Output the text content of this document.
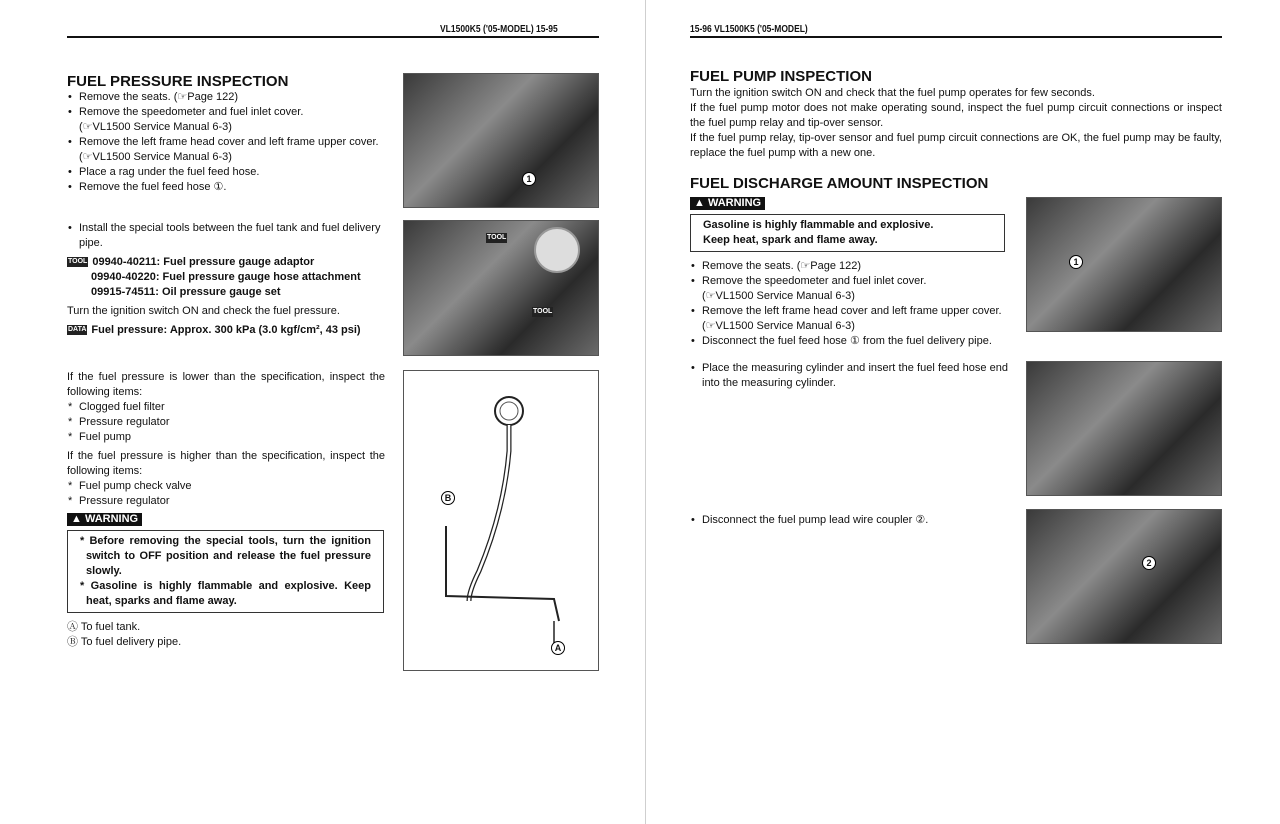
VL1500K5 ('05-MODEL) 15-95
FUEL PRESSURE INSPECTION
• Remove the seats. (☞Page 122)
• Remove the speedometer and fuel inlet cover.
(☞VL1500 Service Manual 6-3)
• Remove the left frame head cover and left frame upper cover.
(☞VL1500 Service Manual 6-3)
• Place a rag under the fuel feed hose.
• Remove the fuel feed hose ①.
• Install the special tools between the fuel tank and fuel delivery pipe.
TOOL 09940-40211: Fuel pressure gauge adaptor
09940-40220: Fuel pressure gauge hose attachment
09915-74511: Oil pressure gauge set
Turn the ignition switch ON and check the fuel pressure.
DATA Fuel pressure: Approx. 300 kPa (3.0 kgf/cm², 43 psi)
If the fuel pressure is lower than the specification, inspect the following items:
* Clogged fuel filter
* Pressure regulator
* Fuel pump
If the fuel pressure is higher than the specification, inspect the following items:
* Fuel pump check valve
* Pressure regulator
▲ WARNING
* Before removing the special tools, turn the ignition switch to OFF position and release the fuel pressure slowly.
* Gasoline is highly flammable and explosive. Keep heat, sparks and flame away.
Ⓐ To fuel tank.
Ⓑ To fuel delivery pipe.
1
TOOL
TOOL
B
A
15-96 VL1500K5 ('05-MODEL)
FUEL PUMP INSPECTION
Turn the ignition switch ON and check that the fuel pump operates for few seconds.
If the fuel pump motor does not make operating sound, inspect the fuel pump circuit connections or inspect the fuel pump relay and tip-over sensor.
If the fuel pump relay, tip-over sensor and fuel pump circuit connections are OK, the fuel pump may be faulty, replace the fuel pump with a new one.
FUEL DISCHARGE AMOUNT INSPECTION
▲ WARNING
Gasoline is highly flammable and explosive.
Keep heat, spark and flame away.
• Remove the seats. (☞Page 122)
• Remove the speedometer and fuel inlet cover.
(☞VL1500 Service Manual 6-3)
• Remove the left frame head cover and left frame upper cover.
(☞VL1500 Service Manual 6-3)
• Disconnect the fuel feed hose ① from the fuel delivery pipe.
• Place the measuring cylinder and insert the fuel feed hose end into the measuring cylinder.
• Disconnect the fuel pump lead wire coupler ②.
1
2
